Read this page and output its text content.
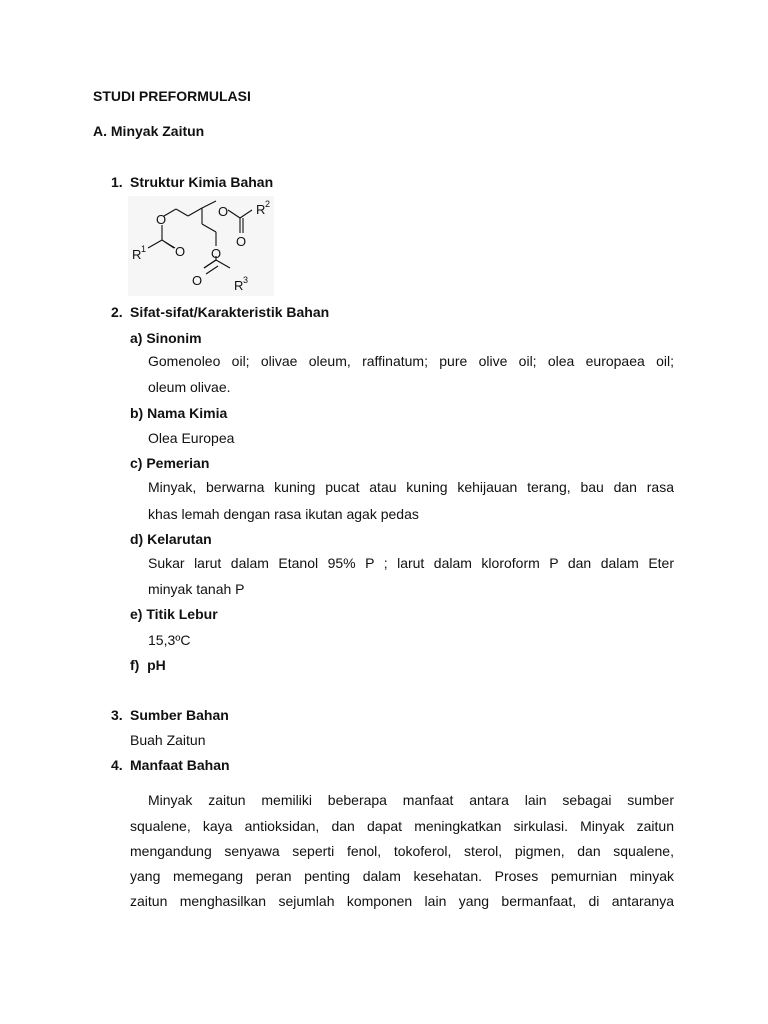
STUDI PREFORMULASI
A. Minyak Zaitun
1. Struktur Kimia Bahan
O
R 1 O
O R 2
O
O
O R 3
2. Sifat-sifat/Karakteristik Bahan
a) Sinonim
Gomenoleo oil; olivae oleum, raffinatum; pure olive oil; olea europaea oil;
oleum olivae.
b) Nama Kimia
Olea Europea
c) Pemerian
Minyak, berwarna kuning pucat atau kuning kehijauan terang, bau dan rasa
khas lemah dengan rasa ikutan agak pedas
d) Kelarutan
Sukar larut dalam Etanol 95% P ; larut dalam kloroform P dan dalam Eter
minyak tanah P
e) Titik Lebur
15,3ºC
f)  pH
3. Sumber Bahan
Buah Zaitun
4. Manfaat Bahan
Minyak zaitun memiliki beberapa manfaat antara lain sebagai sumber
squalene, kaya antioksidan, dan dapat meningkatkan sirkulasi. Minyak zaitun
mengandung senyawa seperti fenol, tokoferol, sterol, pigmen, dan squalene,
yang memegang peran penting dalam kesehatan. Proses pemurnian minyak
zaitun menghasilkan sejumlah komponen lain yang bermanfaat, di antaranya
